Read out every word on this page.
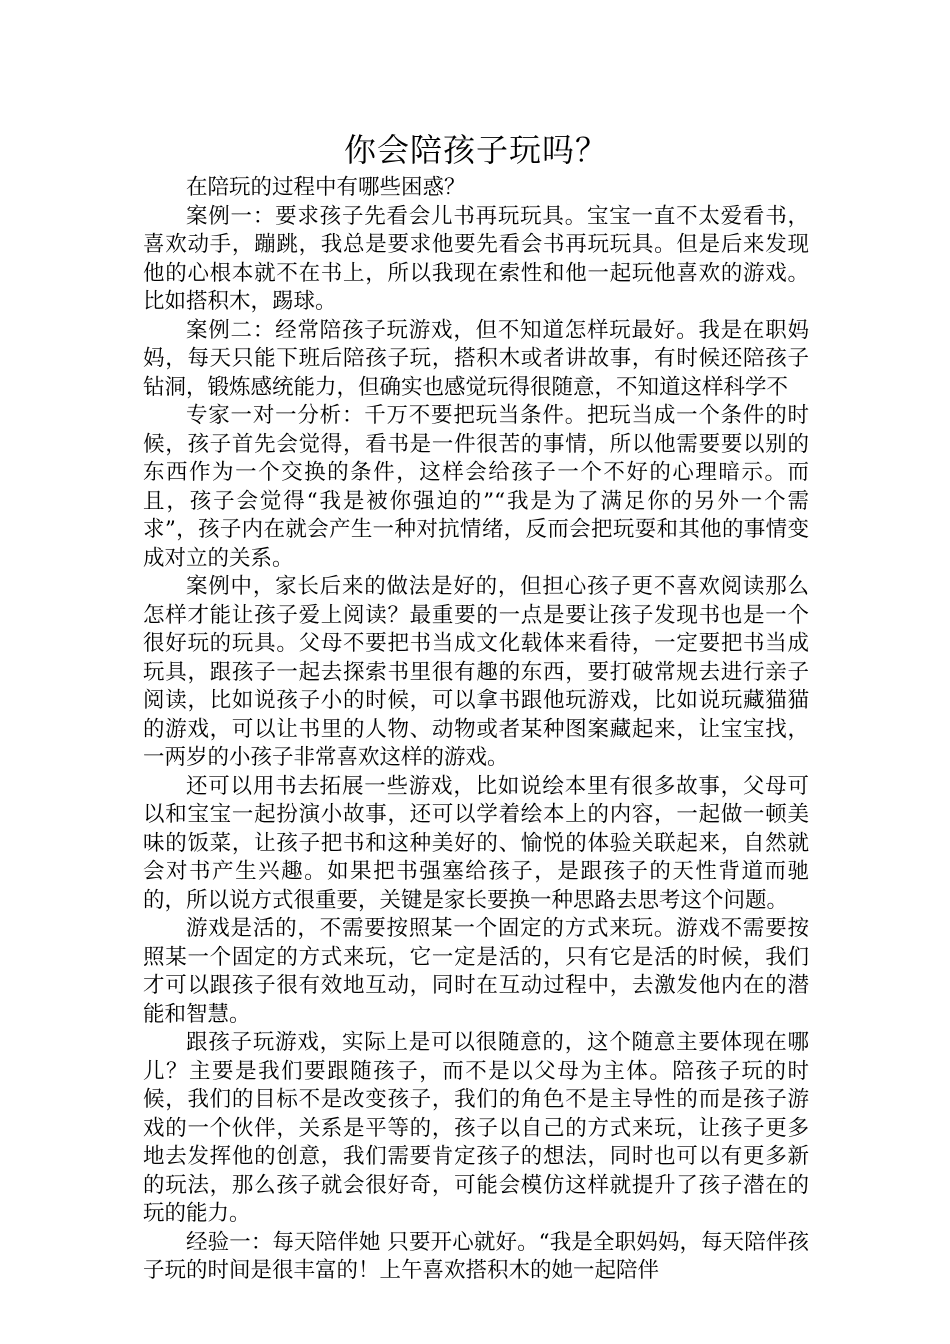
你会陪孩子玩吗？

在陪玩的过程中有哪些困惑？

案例一：要求孩子先看会儿书再玩玩具。宝宝一直不太爱看书，喜欢动手，蹦跳，我总是要求他要先看会书再玩玩具。但是后来发现他的心根本就不在书上，所以我现在索性和他一起玩他喜欢的游戏。比如搭积木，踢球。

案例二：经常陪孩子玩游戏，但不知道怎样玩最好。我是在职妈妈，每天只能下班后陪孩子玩，搭积木或者讲故事，有时候还陪孩子钻洞，锻炼感统能力，但确实也感觉玩得很随意，不知道这样科学不

专家一对一分析：千万不要把玩当条件。把玩当成一个条件的时候，孩子首先会觉得，看书是一件很苦的事情，所以他需要要以别的东西作为一个交换的条件，这样会给孩子一个不好的心理暗示。而且，孩子会觉得“我是被你强迫的”“我是为了满足你的另外一个需求”，孩子内在就会产生一种对抗情绪，反而会把玩耍和其他的事情变成对立的关系。

案例中，家长后来的做法是好的，但担心孩子更不喜欢阅读那么怎样才能让孩子爱上阅读？最重要的一点是要让孩子发现书也是一个很好玩的玩具。父母不要把书当成文化载体来看待，一定要把书当成玩具，跟孩子一起去探索书里很有趣的东西，要打破常规去进行亲子阅读，比如说孩子小的时候，可以拿书跟他玩游戏，比如说玩藏猫猫的游戏，可以让书里的人物、动物或者某种图案藏起来，让宝宝找，一两岁的小孩子非常喜欢这样的游戏。

还可以用书去拓展一些游戏，比如说绘本里有很多故事，父母可以和宝宝一起扮演小故事，还可以学着绘本上的内容，一起做一顿美味的饭菜，让孩子把书和这种美好的、愉悦的体验关联起来，自然就会对书产生兴趣。如果把书强塞给孩子，是跟孩子的天性背道而驰的，所以说方式很重要，关键是家长要换一种思路去思考这个问题。

游戏是活的，不需要按照某一个固定的方式来玩。游戏不需要按照某一个固定的方式来玩，它一定是活的，只有它是活的时候，我们才可以跟孩子很有效地互动，同时在互动过程中，去激发他内在的潜能和智慧。

跟孩子玩游戏，实际上是可以很随意的，这个随意主要体现在哪儿？主要是我们要跟随孩子，而不是以父母为主体。陪孩子玩的时候，我们的目标不是改变孩子，我们的角色不是主导性的而是孩子游戏的一个伙伴，关系是平等的，孩子以自己的方式来玩，让孩子更多地去发挥他的创意，我们需要肯定孩子的想法，同时也可以有更多新的玩法，那么孩子就会很好奇，可能会模仿这样就提升了孩子潜在的玩的能力。

经验一：每天陪伴她 只要开心就好。“我是全职妈妈，每天陪伴孩子玩的时间是很丰富的！上午喜欢搭积木的她一起陪伴
